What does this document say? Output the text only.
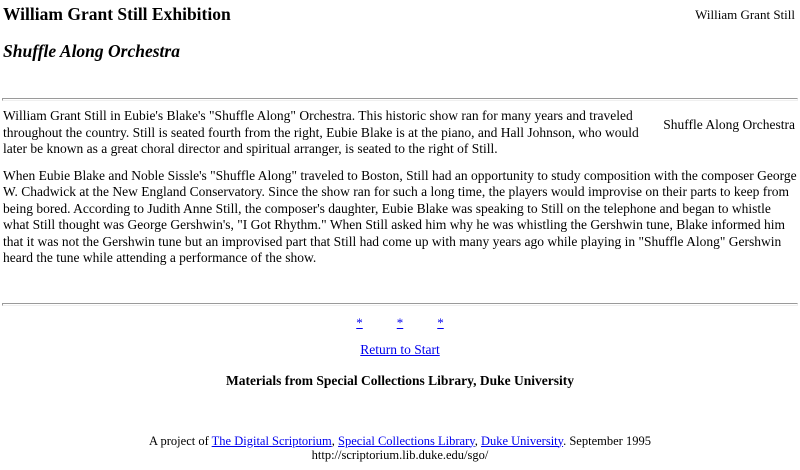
William Grant Still
William Grant Still Exhibition
Shuffle Along Orchestra

Shuffle Along Orchestra
William Grant Still in Eubie's Blake's "Shuffle Along" Orchestra. This historic show ran for many years and traveled throughout the country. Still is seated fourth from the right, Eubie Blake is at the piano, and Hall Johnson, who would later be known as a great choral director and spiritual arranger, is seated to the right of Still.

When Eubie Blake and Noble Sissle's "Shuffle Along" traveled to Boston, Still had an opportunity to study composition with the composer George W. Chadwick at the New England Conservatory. Since the show ran for such a long time, the players would improvise on their parts to keep from being bored. According to Judith Anne Still, the composer's daughter, Eubie Blake was speaking to Still on the telephone and began to whistle what Still thought was George Gershwin's, "I Got Rhythm." When Still asked him why he was whistling the Gershwin tune, Blake informed him that it was not the Gershwin tune but an improvised part that Still had come up with many years ago while playing in "Shuffle Along" Gershwin heard the tune while attending a performance of the show.

*	*	*
Return to Start
Materials from Special Collections Library, Duke University
A project of The Digital Scriptorium, Special Collections Library, Duke University. September 1995
http://scriptorium.lib.duke.edu/sgo/
